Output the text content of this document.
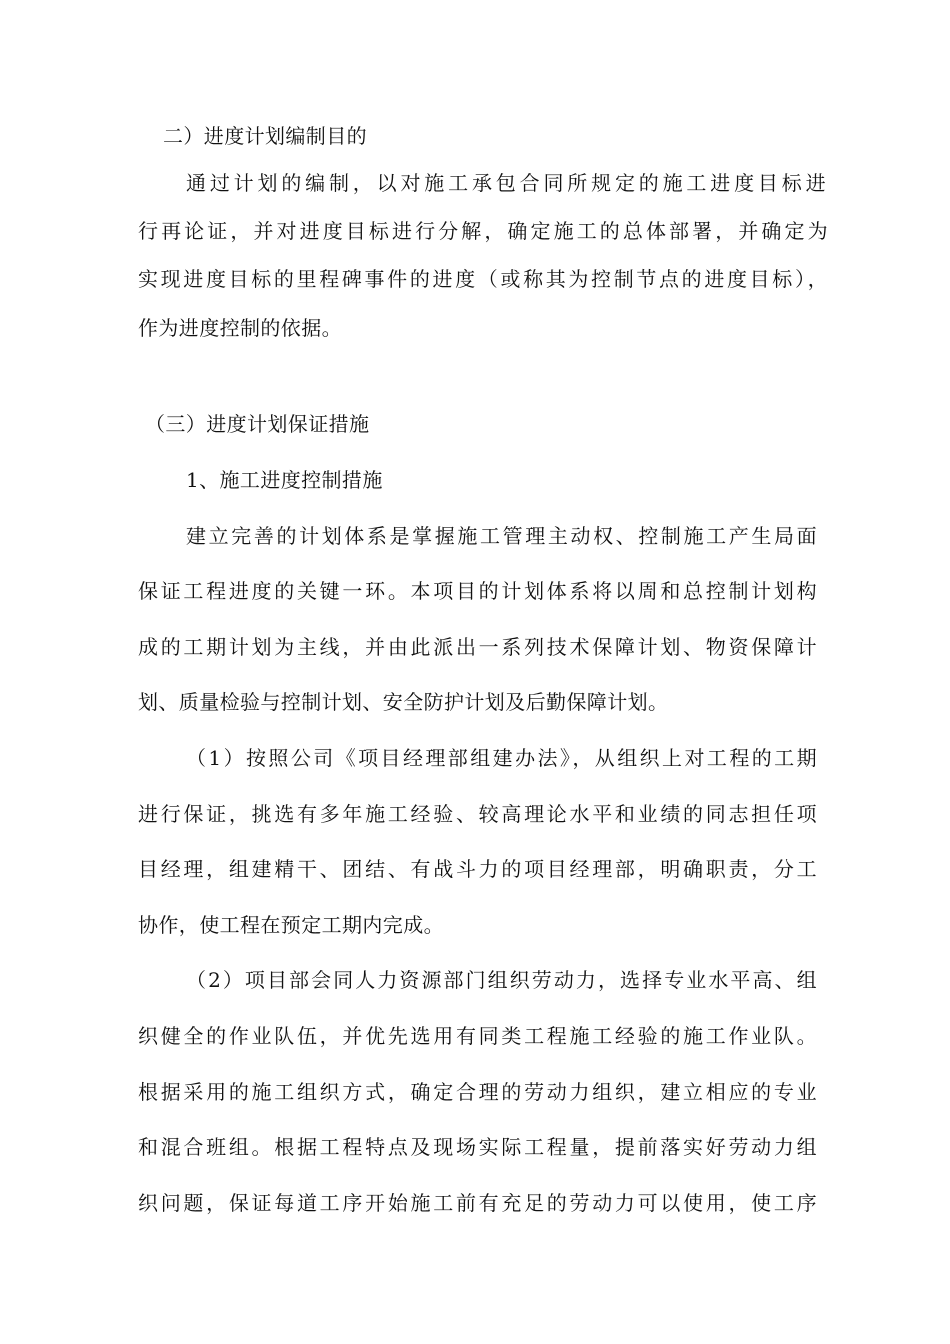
二）进度计划编制目的
通过计划的编制，以对施工承包合同所规定的施工进度目标进
行再论证，并对进度目标进行分解，确定施工的总体部署，并确定为
实现进度目标的里程碑事件的进度（或称其为控制节点的进度目标），
作为进度控制的依据。
（三）进度计划保证措施
1、施工进度控制措施
建立完善的计划体系是掌握施工管理主动权、控制施工产生局面
保证工程进度的关键一环。本项目的计划体系将以周和总控制计划构
成的工期计划为主线，并由此派出一系列技术保障计划、物资保障计
划、质量检验与控制计划、安全防护计划及后勤保障计划。
（1）按照公司《项目经理部组建办法》，从组织上对工程的工期
进行保证，挑选有多年施工经验、较高理论水平和业绩的同志担任项
目经理，组建精干、团结、有战斗力的项目经理部，明确职责，分工
协作，使工程在预定工期内完成。
（2）项目部会同人力资源部门组织劳动力，选择专业水平高、组
织健全的作业队伍，并优先选用有同类工程施工经验的施工作业队。
根据采用的施工组织方式，确定合理的劳动力组织，建立相应的专业
和混合班组。根据工程特点及现场实际工程量，提前落实好劳动力组
织问题，保证每道工序开始施工前有充足的劳动力可以使用，使工序
